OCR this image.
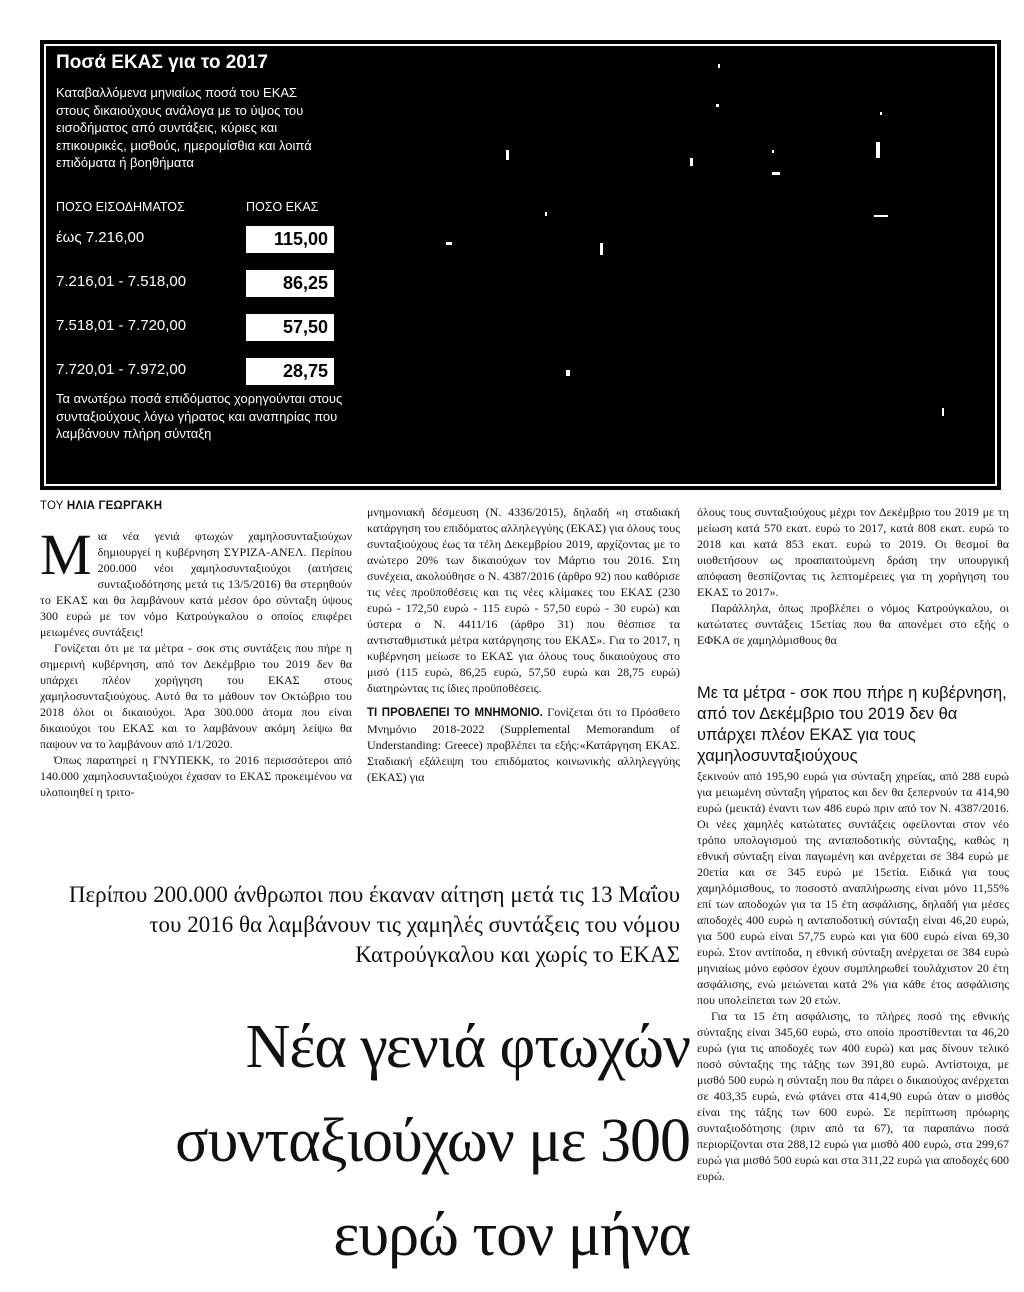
Ποσά ΕΚΑΣ για το 2017
Καταβαλλόμενα μηνιαίως ποσά του ΕΚΑΣ στους δικαιούχους ανάλογα με το ύψος του εισοδήματος από συντάξεις, κύριες και επικουρικές, μισθούς, ημερομίσθια και λοιπά επιδόματα ή βοηθήματα
ΠΟΣΟ ΕΙΣΟΔΗΜΑΤΟΣ	ΠΟΣΟ ΕΚΑΣ
έως 7.216,00	115,00
7.216,01 - 7.518,00	86,25
7.518,01 - 7.720,00	57,50
7.720,01 - 7.972,00	28,75
Τα ανωτέρω ποσά επιδόματος χορηγούνται στους συνταξιούχους λόγω γήρατος και αναπηρίας που λαμβάνουν πλήρη σύνταξη
ΤΟΥ ΗΛΙΑ ΓΕΩΡΓΑΚΗ

Μια νέα γενιά φτωχών χαμηλοσυνταξιούχων δημιουργεί η κυβέρνηση ΣΥΡΙΖΑ-ΑΝΕΛ. Περίπου 200.000 νέοι χαμηλοσυνταξιούχοι (αιτήσεις συνταξιοδότησης μετά τις 13/5/2016) θα στερηθούν το ΕΚΑΣ και θα λαμβάνουν κατά μέσον όρο σύνταξη ύψους 300 ευρώ με τον νόμο Κατρούγκαλου ο οποίος επιφέρει μειωμένες συντάξεις!

Γονίζεται ότι με τα μέτρα - σοκ στις συντάξεις που πήρε η σημερινή κυβέρνηση, από τον Δεκέμβριο του 2019 δεν θα υπάρχει πλέον χορήγηση του ΕΚΑΣ στους χαμηλοσυνταξιούχους. Αυτό θα το μάθουν τον Οκτώβριο του 2018 όλοι οι δικαιούχοι. Άρα 300.000 άτομα που είναι δικαιούχοι του ΕΚΑΣ και το λαμβάνουν ακόμη λείψω θα παψουν να το λαμβάνουν από 1/1/2020.

Όπως παρατηρεί η ΓΝΥΠΕΚΚ, το 2016 περισσότεροι από 140.000 χαμηλοσυνταξιούχοι έχασαν το ΕΚΑΣ προκειμένου να υλοποιηθεί η τριτο-

μνημονιακή δέσμευση (Ν. 4336/2015), δηλαδή «η σταδιακή κατάργηση του επιδόματος αλληλεγγύης (ΕΚΑΣ) για όλους τους συνταξιούχους έως τα τέλη Δεκεμβρίου 2019, αρχίζοντας με το ανώτερο 20% των δικαιούχων τον Μάρτιο του 2016. Στη συνέχεια, ακολούθησε ο Ν. 4387/2016 (άρθρο 92) που καθόρισε τις νέες προϋποθέσεις και τις νέες κλίμακες του ΕΚΑΣ (230 ευρώ - 172,50 ευρώ - 115 ευρώ - 57,50 ευρώ - 30 ευρώ) και ύστερα ο Ν. 4411/16 (άρθρο 31) που θέσπισε τα αντισταθμιστικά μέτρα κατάργησης του ΕΚΑΣ». Για το 2017, η κυβέρνηση μείωσε το ΕΚΑΣ για όλους τους δικαιούχους στο μισό (115 ευρώ, 86,25 ευρώ, 57,50 ευρώ και 28,75 ευρώ) διατηρώντας τις ίδιες προϋποθέσεις.

ΤΙ ΠΡΟΒΛΕΠΕΙ ΤΟ ΜΝΗΜΟΝΙΟ. Γονίζεται ότι το Πρόσθετο Μνημόνιο 2018-2022 (Supplemental Memorandum of Understanding: Greece) προβλέπει τα εξής:«Κατάργηση ΕΚΑΣ. Σταδιακή εξάλειψη του επιδόματος κοινωνικής αλληλεγγύης (ΕΚΑΣ) για

όλους τους συνταξιούχους μέχρι τον Δεκέμβριο του 2019 με τη μείωση κατά 570 εκατ. ευρώ το 2017, κατά 808 εκατ. ευρώ το 2018 και κατά 853 εκατ. ευρώ το 2019. Οι θεσμοί θα υιοθετήσουν ως προαπαιτούμενη δράση την υπουργική απόφαση θεσπίζοντας τις λεπτομέρειες για τη χορήγηση του ΕΚΑΣ το 2017».

Παράλληλα, όπως προβλέπει ο νόμος Κατρούγκαλου, οι κατώτατες συντάξεις 15ετίας που θα απονέμει στο εξής ο ΕΦΚΑ σε χαμηλόμισθους θα

Με τα μέτρα - σοκ που πήρε η κυβέρνηση, από τον Δεκέμβριο του 2019 δεν θα υπάρχει πλέον ΕΚΑΣ για τους χαμηλοσυνταξιούχους

ξεκινούν από 195,90 ευρώ για σύνταξη χηρείας, από 288 ευρώ για μειωμένη σύνταξη γήρατος και δεν θα ξεπερνούν τα 414,90 ευρώ (μεικτά) έναντι των 486 ευρώ πριν από τον Ν. 4387/2016. Οι νέες χαμηλές κατώτατες συντάξεις οφείλονται στον νέο τρόπο υπολογισμού της ανταποδοτικής σύνταξης, καθώς η εθνική σύνταξη είναι παγωμένη και ανέρχεται σε 384 ευρώ με 20ετία και σε 345 ευρώ με 15ετία. Ειδικά για τους χαμηλόμισθους, το ποσοστό αναπλήρωσης είναι μόνο 11,55% επί των αποδοχών για τα 15 έτη ασφάλισης, δηλαδή για μέσες αποδοχές 400 ευρώ η ανταποδοτική σύνταξη είναι 46,20 ευρώ, για 500 ευρώ είναι 57,75 ευρώ και για 600 ευρώ είναι 69,30 ευρώ. Στον αντίποδα, η εθνική σύνταξη ανέρχεται σε 384 ευρώ μηνιαίως μόνο εφόσον έχουν συμπληρωθεί τουλάχιστον 20 έτη ασφάλισης, ενώ μειώνεται κατά 2% για κάθε έτος ασφάλισης που υπολείπεται των 20 ετών.

Για τα 15 έτη ασφάλισης, το πλήρες ποσό της εθνικής σύνταξης είναι 345,60 ευρώ, στο οποίο προστίθενται τα 46,20 ευρώ (για τις αποδοχές των 400 ευρώ) και μας δίνουν τελικό ποσό σύνταξης της τάξης των 391,80 ευρώ. Αντίστοιχα, με μισθό 500 ευρώ η σύνταξη που θα πάρει ο δικαιούχος ανέρχεται σε 403,35 ευρώ, ενώ φτάνει στα 414,90 ευρώ όταν ο μισθός είναι της τάξης των 600 ευρώ. Σε περίπτωση πρόωρης συνταξιοδότησης (πριν από τα 67), τα παραπάνω ποσά περιορίζονται στα 288,12 ευρώ για μισθό 400 ευρώ, στα 299,67 ευρώ για μισθό 500 ευρώ και στα 311,22 ευρώ για αποδοχές 600 ευρώ.

Περίπου 200.000 άνθρωποι που έκαναν αίτηση μετά τις 13 Μαΐου του 2016 θα λαμβάνουν τις χαμηλές συντάξεις του νόμου Κατρούγκαλου και χωρίς το ΕΚΑΣ
Νέα γενιά φτωχών συνταξιούχων με 300 ευρώ τον μήνα
